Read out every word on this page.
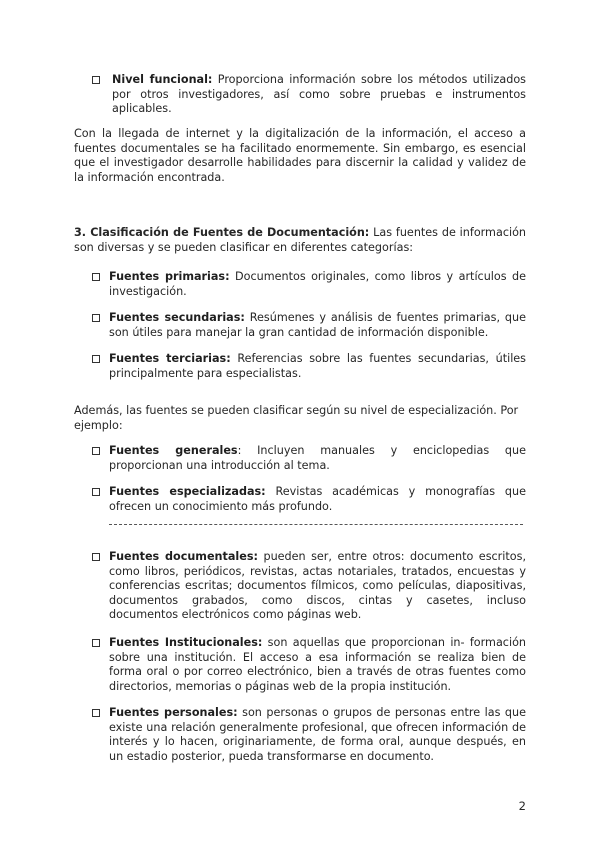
Nivel funcional: Proporciona información sobre los métodos utilizados por otros investigadores, así como sobre pruebas e instrumentos aplicables.
Con la llegada de internet y la digitalización de la información, el acceso a fuentes documentales se ha facilitado enormemente. Sin embargo, es esencial que el investigador desarrolle habilidades para discernir la calidad y validez de la información encontrada.
3. Clasificación de Fuentes de Documentación: Las fuentes de información son diversas y se pueden clasificar en diferentes categorías:
Fuentes primarias: Documentos originales, como libros y artículos de investigación.
Fuentes secundarias: Resúmenes y análisis de fuentes primarias, que son útiles para manejar la gran cantidad de información disponible.
Fuentes terciarias: Referencias sobre las fuentes secundarias, útiles principalmente para especialistas.
Además, las fuentes se pueden clasificar según su nivel de especialización. Por ejemplo:
Fuentes generales: Incluyen manuales y enciclopedias que proporcionan una introducción al tema.
Fuentes especializadas: Revistas académicas y monografías que ofrecen un conocimiento más profundo.
Fuentes documentales: pueden ser, entre otros: documento escritos, como libros, periódicos, revistas, actas notariales, tratados, encuestas y conferencias escritas; documentos fílmicos, como películas, diapositivas, documentos grabados, como discos, cintas y casetes, incluso documentos electrónicos como páginas web.
Fuentes Institucionales: son aquellas que proporcionan in- formación sobre una institución. El acceso a esa información se realiza bien de forma oral o por correo electrónico, bien a través de otras fuentes como directorios, memorias o páginas web de la propia institución.
Fuentes personales: son personas o grupos de personas entre las que existe una relación generalmente profesional, que ofrecen información de interés y lo hacen, originariamente, de forma oral, aunque después, en un estadio posterior, pueda transformarse en documento.
2
